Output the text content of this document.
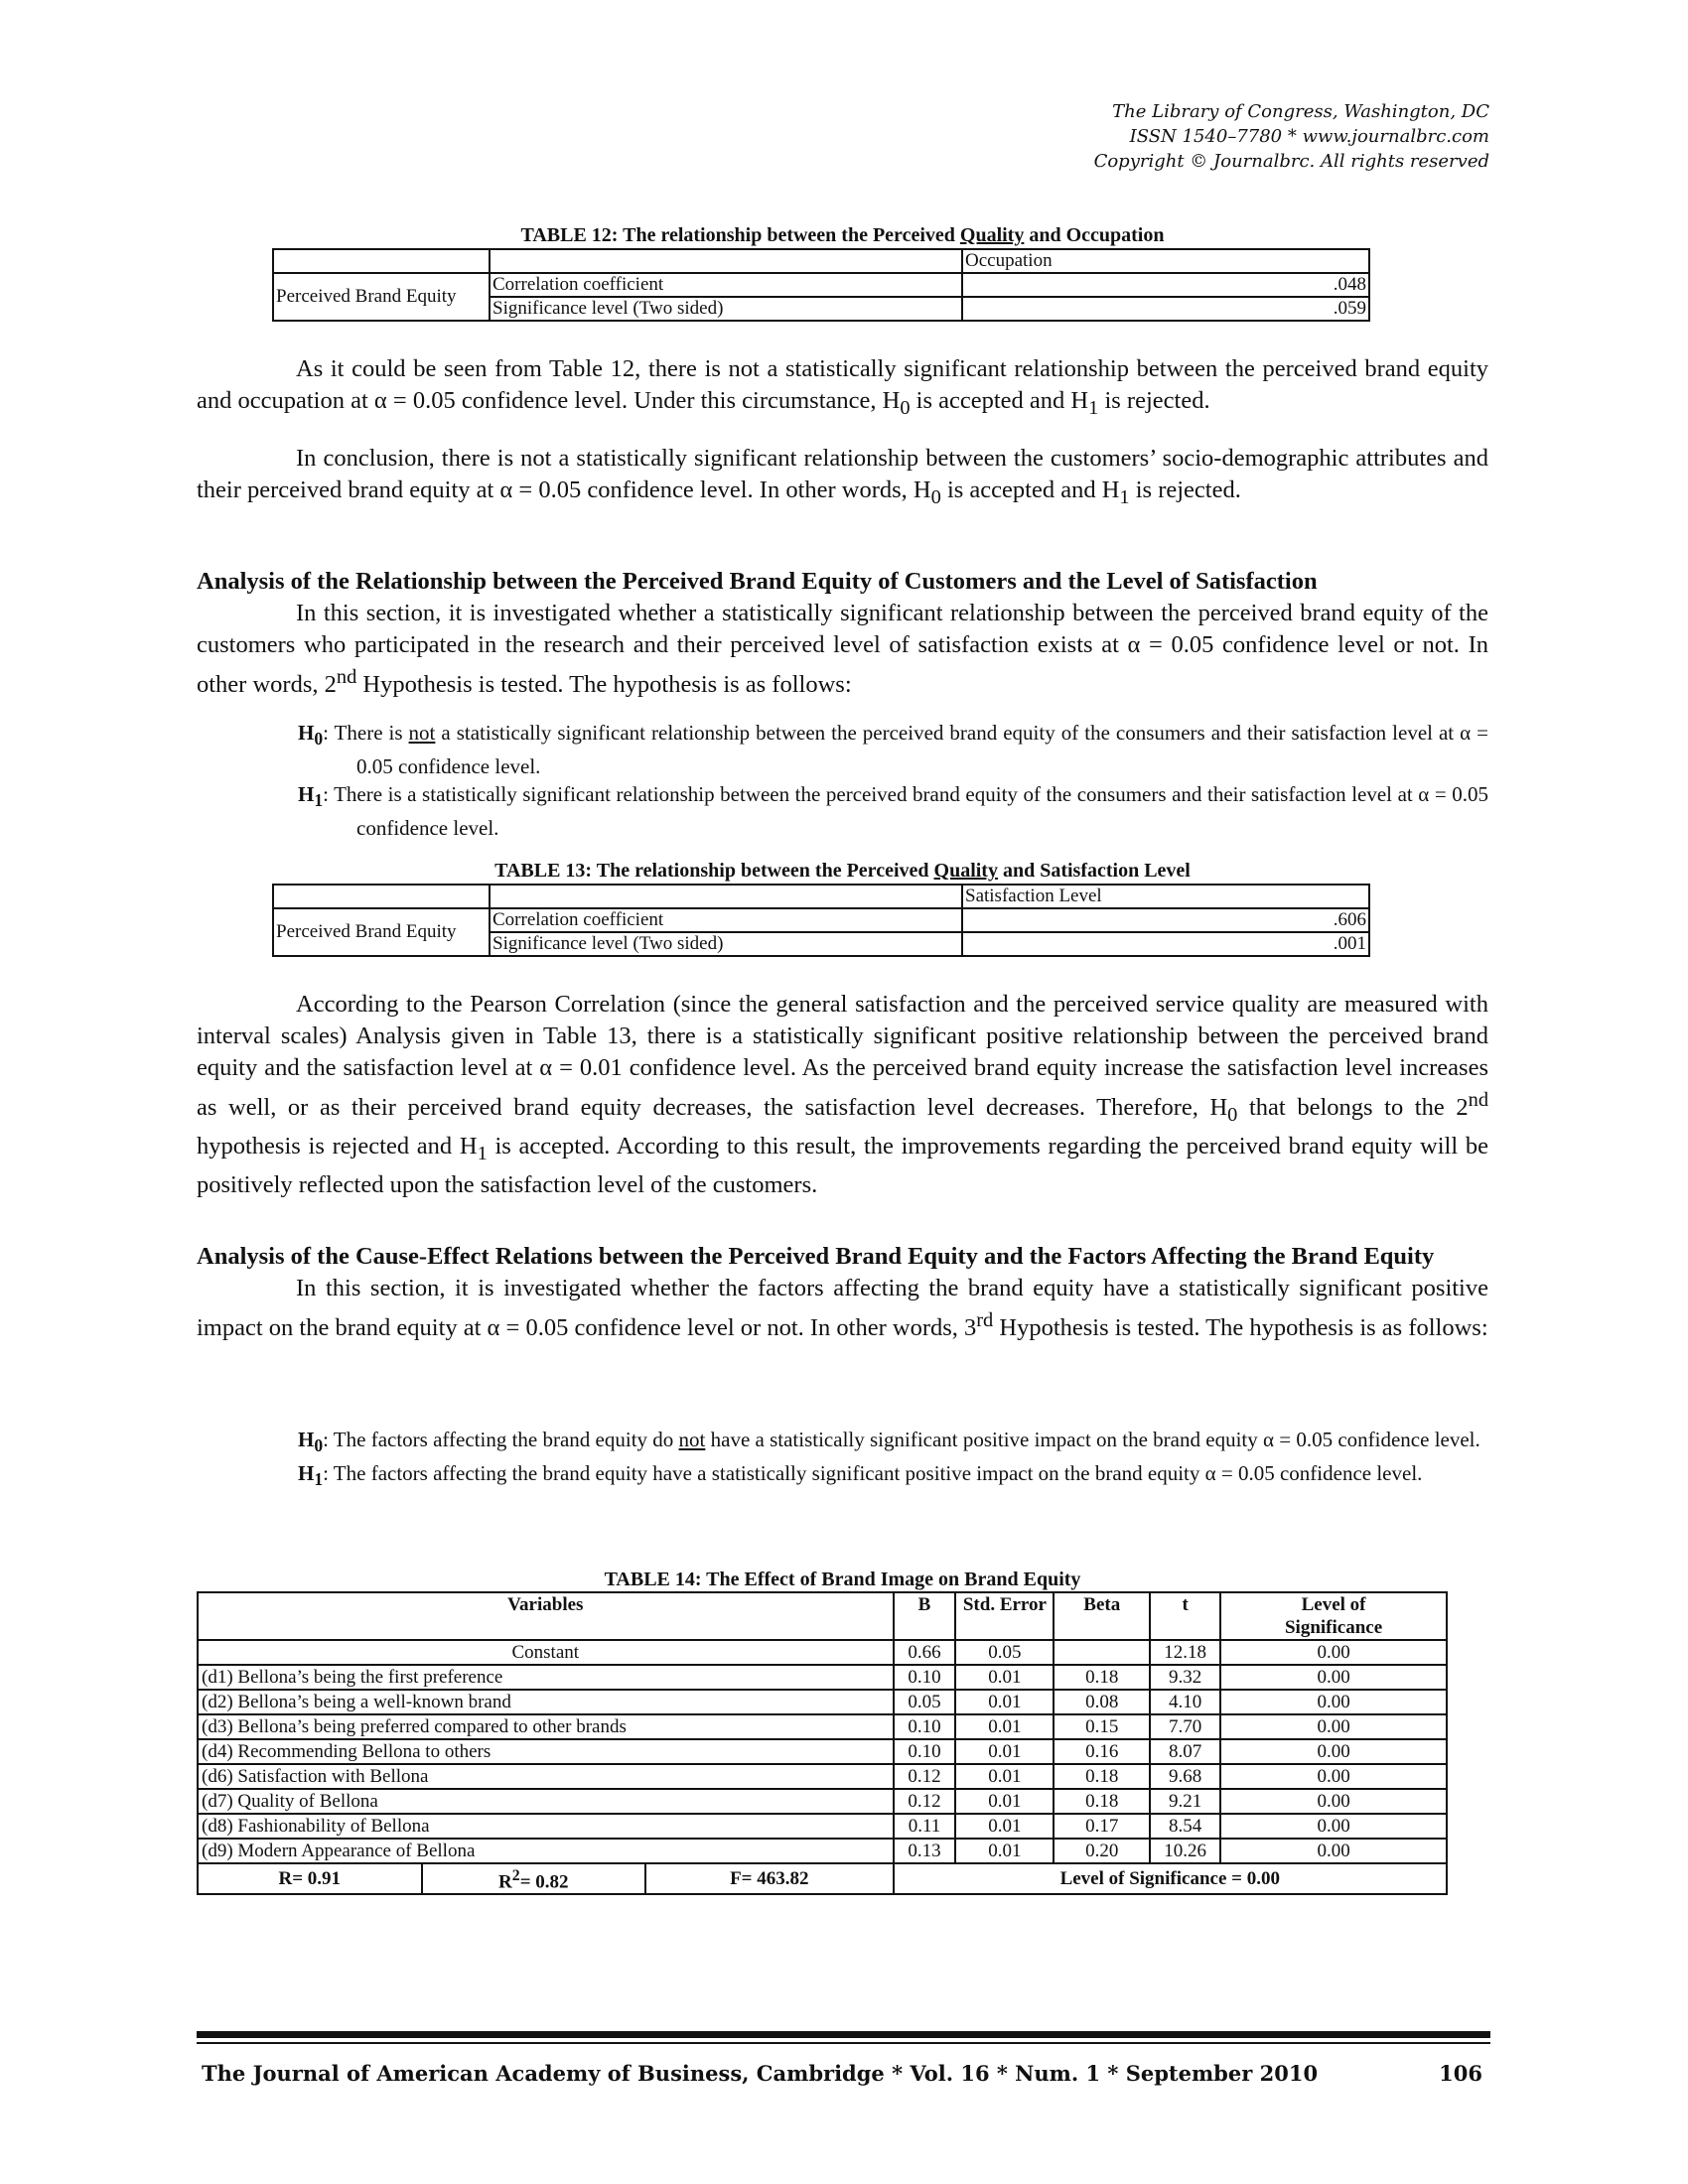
The Library of Congress, Washington, DC
ISSN 1540–7780 * www.journalbrc.com
Copyright © Journalbrc. All rights reserved
TABLE 12: The relationship between the Perceived Quality and Occupation
		Occupation
Perceived Brand Equity	Correlation coefficient	.048
	Significance level (Two sided)	.059

As it could be seen from Table 12, there is not a statistically significant relationship between the perceived brand equity and occupation at α = 0.05 confidence level. Under this circumstance, $H_0$ is accepted and $H_1$ is rejected.

In conclusion, there is not a statistically significant relationship between the customers’ socio-demographic attributes and their perceived brand equity at α = 0.05 confidence level. In other words, $H_0$ is accepted and $H_1$ is rejected.

Analysis of the Relationship between the Perceived Brand Equity of Customers and the Level of Satisfaction

In this section, it is investigated whether a statistically significant relationship between the perceived brand equity of the customers who participated in the research and their perceived level of satisfaction exists at α = 0.05 confidence level or not. In other words, 2nd Hypothesis is tested. The hypothesis is as follows:

$H_0$: There is not a statistically significant relationship between the perceived brand equity of the consumers and their satisfaction level at α = 0.05 confidence level.
$H_1$: There is a statistically significant relationship between the perceived brand equity of the consumers and their satisfaction level at α = 0.05 confidence level.
TABLE 13: The relationship between the Perceived Quality and Satisfaction Level
		Satisfaction Level
Perceived Brand Equity	Correlation coefficient	.606
	Significance level (Two sided)	.001

According to the Pearson Correlation (since the general satisfaction and the perceived service quality are measured with interval scales) Analysis given in Table 13, there is a statistically significant positive relationship between the perceived brand equity and the satisfaction level at α = 0.01 confidence level. As the perceived brand equity increase the satisfaction level increases as well, or as their perceived brand equity decreases, the satisfaction level decreases. Therefore, $H_0$ that belongs to the 2nd hypothesis is rejected and $H_1$ is accepted. According to this result, the improvements regarding the perceived brand equity will be positively reflected upon the satisfaction level of the customers.

Analysis of the Cause-Effect Relations between the Perceived Brand Equity and the Factors Affecting the Brand Equity

In this section, it is investigated whether the factors affecting the brand equity have a statistically significant positive impact on the brand equity at α = 0.05 confidence level or not. In other words, 3rd Hypothesis is tested. The hypothesis is as follows:

$H_0$: The factors affecting the brand equity do not have a statistically significant positive impact on the brand equity α = 0.05 confidence level.
$H_1$: The factors affecting the brand equity have a statistically significant positive impact on the brand equity α = 0.05 confidence level.
TABLE 14: The Effect of Brand Image on Brand Equity
Variables			B	Std. Error	Beta	t	Level of Significance
Constant			0.66	0.05		12.18	0.00
(d1) Bellona’s being the first preference			0.10	0.01	0.18	9.32	0.00
(d2) Bellona’s being a well-known brand			0.05	0.01	0.08	4.10	0.00
(d3) Bellona’s being preferred compared to other brands			0.10	0.01	0.15	7.70	0.00
(d4) Recommending Bellona to others			0.10	0.01	0.16	8.07	0.00
(d6) Satisfaction with Bellona			0.12	0.01	0.18	9.68	0.00
(d7) Quality of Bellona			0.12	0.01	0.18	9.21	0.00
(d8) Fashionability of Bellona			0.11	0.01	0.17	8.54	0.00
(d9) Modern Appearance of Bellona			0.13	0.01	0.20	10.26	0.00
R= 0.91	$R^2= 0.82$	F= 463.82	Level of Significance = 0.00				
The Journal of American Academy of Business, Cambridge * Vol. 16 * Num. 1 * September 2010	106
